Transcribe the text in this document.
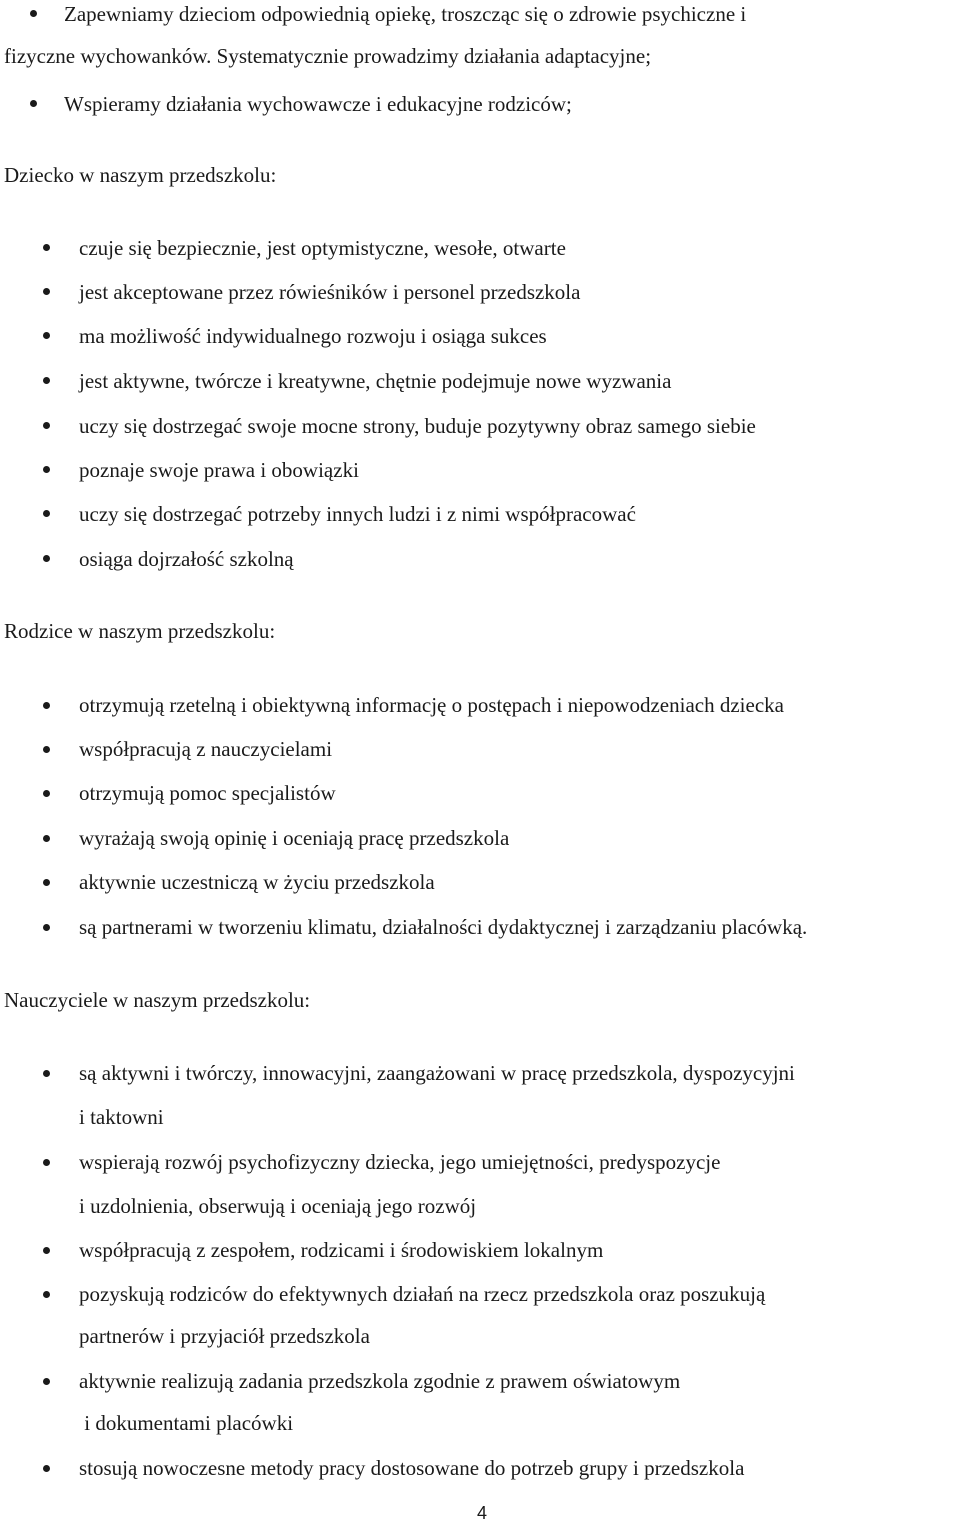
Zapewniamy dzieciom odpowiednią opiekę, troszcząc się o zdrowie psychiczne i
fizyczne wychowanków. Systematycznie prowadzimy działania adaptacyjne;
Wspieramy działania wychowawcze i edukacyjne rodziców;
Dziecko w naszym przedszkolu:
czuje się bezpiecznie, jest optymistyczne, wesołe, otwarte
jest akceptowane przez rówieśników i personel przedszkola
ma możliwość indywidualnego rozwoju i osiąga sukces
jest aktywne, twórcze i kreatywne, chętnie podejmuje nowe wyzwania
uczy się dostrzegać swoje mocne strony, buduje pozytywny obraz samego siebie
poznaje swoje prawa i obowiązki
uczy się dostrzegać potrzeby innych ludzi i z nimi współpracować
osiąga dojrzałość szkolną
Rodzice w naszym przedszkolu:
otrzymują rzetelną i obiektywną informację o postępach i niepowodzeniach dziecka
współpracują z nauczycielami
otrzymują pomoc specjalistów
wyrażają swoją opinię i oceniają pracę przedszkola
aktywnie uczestniczą w życiu przedszkola
są partnerami w tworzeniu klimatu, działalności dydaktycznej i zarządzaniu placówką.
Nauczyciele w naszym przedszkolu:
są aktywni i twórczy, innowacyjni, zaangażowani w pracę przedszkola, dyspozycyjni
i taktowni
wspierają rozwój psychofizyczny dziecka, jego umiejętności, predyspozycje
i uzdolnienia, obserwują i oceniają jego rozwój
współpracują z zespołem, rodzicami i środowiskiem lokalnym
pozyskują rodziców do efektywnych działań na rzecz przedszkola oraz poszukują
partnerów i przyjaciół przedszkola
aktywnie realizują zadania przedszkola zgodnie z prawem oświatowym
i dokumentami placówki
stosują nowoczesne metody pracy dostosowane do potrzeb grupy i przedszkola
4
